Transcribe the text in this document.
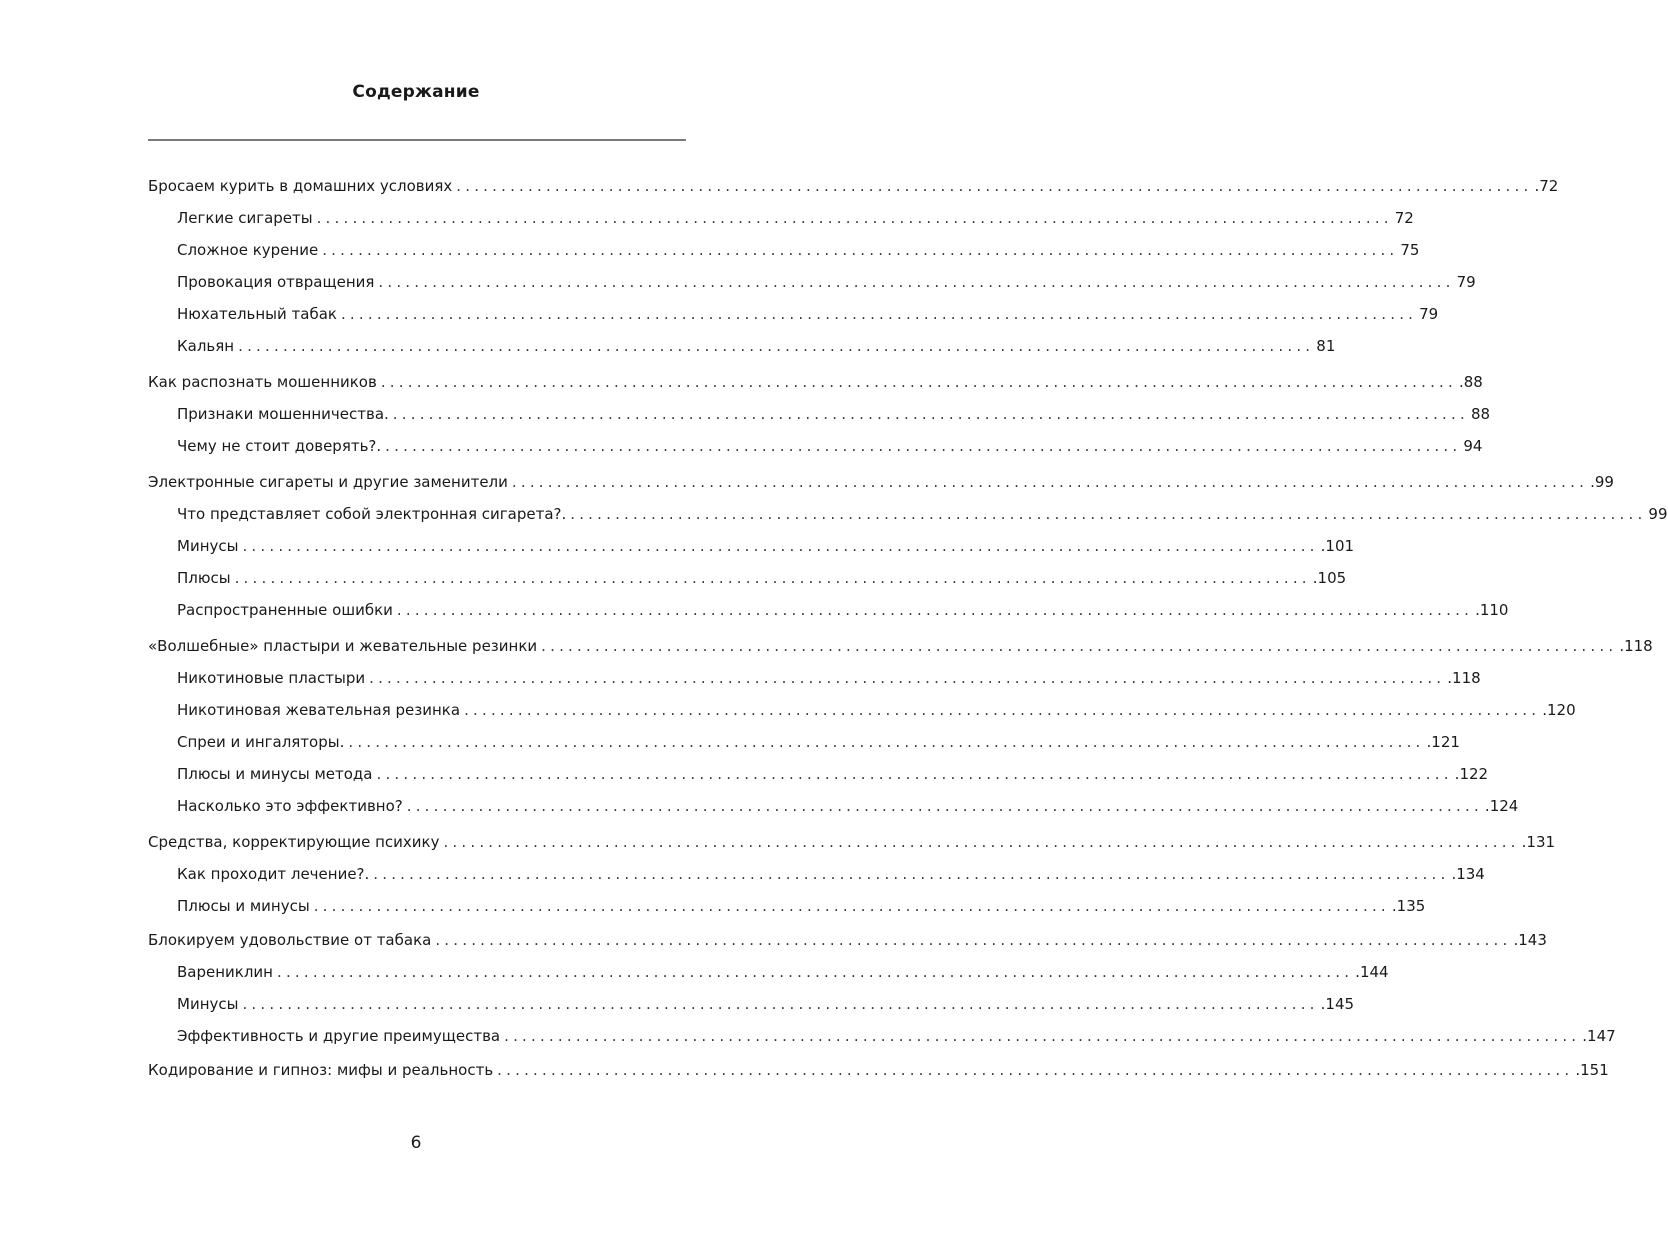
Содержание
Бросаем курить в домашних условиях ........................................................................................................................ .72
Легкие сигареты ........................................................................................................................ 72
Сложное курение ........................................................................................................................ 75
Провокация отвращения ........................................................................................................................ 79
Нюхательный табак ........................................................................................................................ 79
Кальян ........................................................................................................................ 81
Как распознать мошенников ........................................................................................................................ .88
Признаки мошенничества. ........................................................................................................................ 88
Чему не стоит доверять?. ........................................................................................................................ 94
Электронные сигареты и другие заменители ........................................................................................................................ .99
Что представляет собой электронная сигарета?. ........................................................................................................................ 99
Минусы ........................................................................................................................ .101
Плюсы ........................................................................................................................ .105
Распространенные ошибки ........................................................................................................................ .110
«Волшебные» пластыри и жевательные резинки ........................................................................................................................ .118
Никотиновые пластыри ........................................................................................................................ .118
Никотиновая жевательная резинка ........................................................................................................................ .120
Спреи и ингаляторы. ........................................................................................................................ .121
Плюсы и минусы метода ........................................................................................................................ .122
Насколько это эффективно? ........................................................................................................................ .124
Средства, корректирующие психику ........................................................................................................................ .131
Как проходит лечение?. ........................................................................................................................ .134
Плюсы и минусы ........................................................................................................................ .135
Блокируем удовольствие от табака ........................................................................................................................ .143
Варениклин ........................................................................................................................ .144
Минусы ........................................................................................................................ .145
Эффективность и другие преимущества ........................................................................................................................ .147
Кодирование и гипноз: мифы и реальность ........................................................................................................................ .151
6
